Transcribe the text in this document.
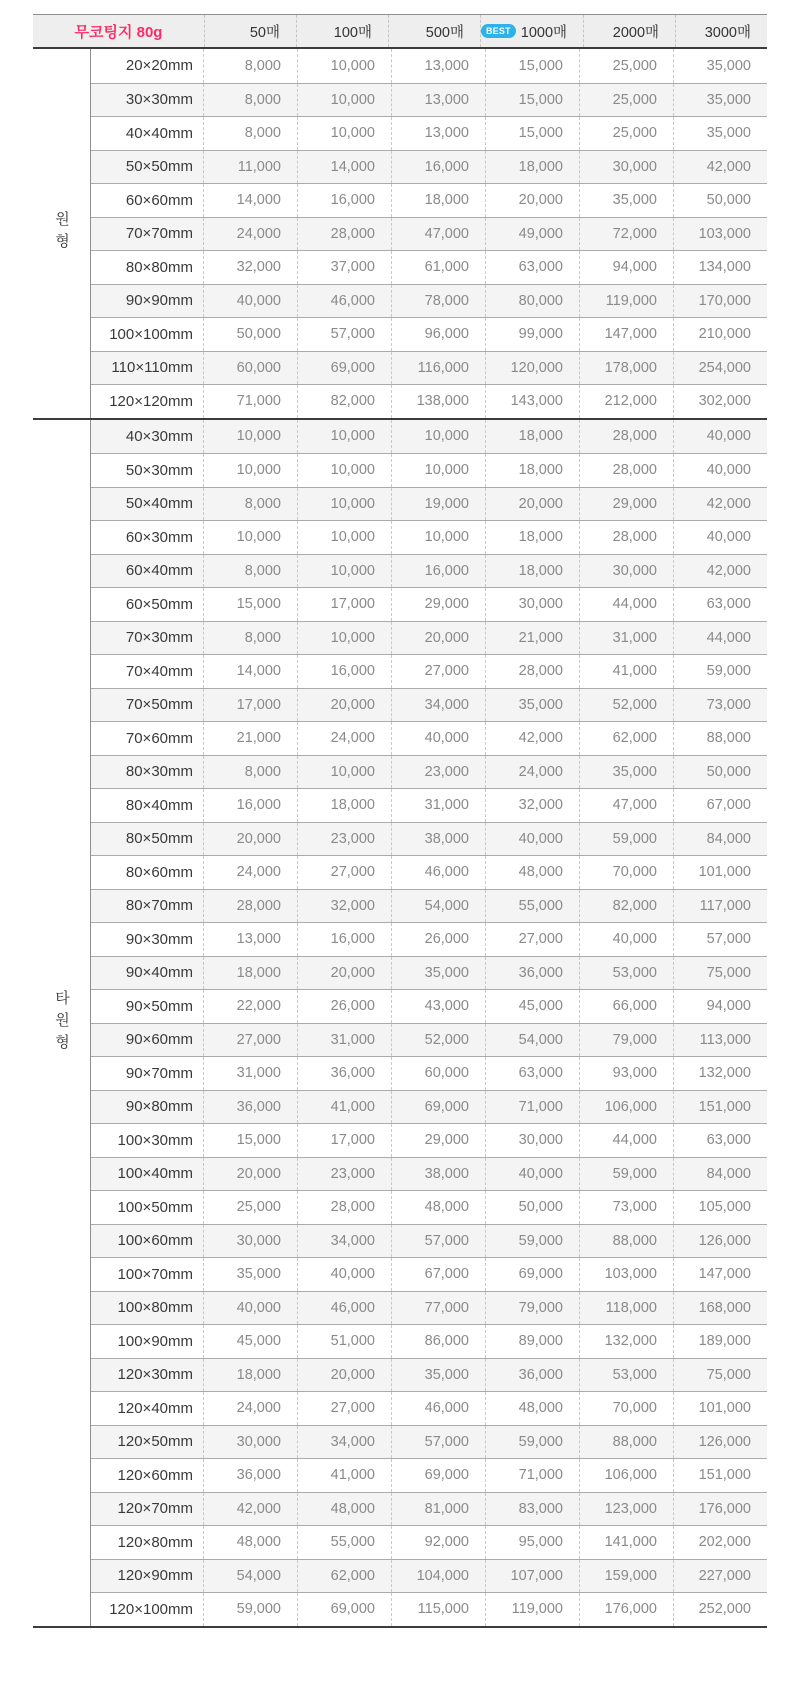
무코팅지 80g	50매	100매	500매	BEST 1000매	2000매	3000매
원형
20×20mm	8,000	10,000	13,000	15,000	25,000	35,000
30×30mm	8,000	10,000	13,000	15,000	25,000	35,000
40×40mm	8,000	10,000	13,000	15,000	25,000	35,000
50×50mm	11,000	14,000	16,000	18,000	30,000	42,000
60×60mm	14,000	16,000	18,000	20,000	35,000	50,000
70×70mm	24,000	28,000	47,000	49,000	72,000	103,000
80×80mm	32,000	37,000	61,000	63,000	94,000	134,000
90×90mm	40,000	46,000	78,000	80,000	119,000	170,000
100×100mm	50,000	57,000	96,000	99,000	147,000	210,000
110×110mm	60,000	69,000	116,000	120,000	178,000	254,000
120×120mm	71,000	82,000	138,000	143,000	212,000	302,000
타원형
40×30mm	10,000	10,000	10,000	18,000	28,000	40,000
50×30mm	10,000	10,000	10,000	18,000	28,000	40,000
50×40mm	8,000	10,000	19,000	20,000	29,000	42,000
60×30mm	10,000	10,000	10,000	18,000	28,000	40,000
60×40mm	8,000	10,000	16,000	18,000	30,000	42,000
60×50mm	15,000	17,000	29,000	30,000	44,000	63,000
70×30mm	8,000	10,000	20,000	21,000	31,000	44,000
70×40mm	14,000	16,000	27,000	28,000	41,000	59,000
70×50mm	17,000	20,000	34,000	35,000	52,000	73,000
70×60mm	21,000	24,000	40,000	42,000	62,000	88,000
80×30mm	8,000	10,000	23,000	24,000	35,000	50,000
80×40mm	16,000	18,000	31,000	32,000	47,000	67,000
80×50mm	20,000	23,000	38,000	40,000	59,000	84,000
80×60mm	24,000	27,000	46,000	48,000	70,000	101,000
80×70mm	28,000	32,000	54,000	55,000	82,000	117,000
90×30mm	13,000	16,000	26,000	27,000	40,000	57,000
90×40mm	18,000	20,000	35,000	36,000	53,000	75,000
90×50mm	22,000	26,000	43,000	45,000	66,000	94,000
90×60mm	27,000	31,000	52,000	54,000	79,000	113,000
90×70mm	31,000	36,000	60,000	63,000	93,000	132,000
90×80mm	36,000	41,000	69,000	71,000	106,000	151,000
100×30mm	15,000	17,000	29,000	30,000	44,000	63,000
100×40mm	20,000	23,000	38,000	40,000	59,000	84,000
100×50mm	25,000	28,000	48,000	50,000	73,000	105,000
100×60mm	30,000	34,000	57,000	59,000	88,000	126,000
100×70mm	35,000	40,000	67,000	69,000	103,000	147,000
100×80mm	40,000	46,000	77,000	79,000	118,000	168,000
100×90mm	45,000	51,000	86,000	89,000	132,000	189,000
120×30mm	18,000	20,000	35,000	36,000	53,000	75,000
120×40mm	24,000	27,000	46,000	48,000	70,000	101,000
120×50mm	30,000	34,000	57,000	59,000	88,000	126,000
120×60mm	36,000	41,000	69,000	71,000	106,000	151,000
120×70mm	42,000	48,000	81,000	83,000	123,000	176,000
120×80mm	48,000	55,000	92,000	95,000	141,000	202,000
120×90mm	54,000	62,000	104,000	107,000	159,000	227,000
120×100mm	59,000	69,000	115,000	119,000	176,000	252,000
